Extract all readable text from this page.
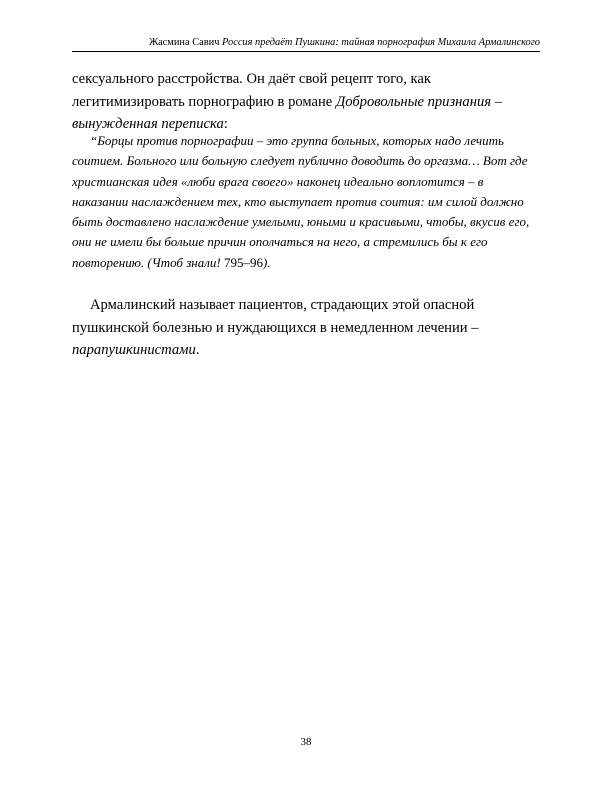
Жасмина Савич Россия предаёт Пушкина: тайная порнография Михаила Армалинского

сексуального расстройства. Он даёт свой рецепт того, как легитимизировать порнографию в романе Добровольные признания – вынужденная переписка:

“Борцы против порнографии – это группа больных, которых надо лечить соитием. Больного или больную следует публично доводить до оргазма… Вот где христианская идея «люби врага своего» наконец идеально воплотится – в наказании наслаждением тех, кто выступает против соития: им силой должно быть доставлено наслаждение умелыми, юными и красивыми, чтобы, вкусив его, они не имели бы больше причин ополчаться на него, а стремились бы к его повторению. (Чтоб знали! 795–96).

Армалинский называет пациентов, страдающих этой опасной пушкинской болезнью и нуждающихся в немедленном лечении – парапушкинистами.

38
